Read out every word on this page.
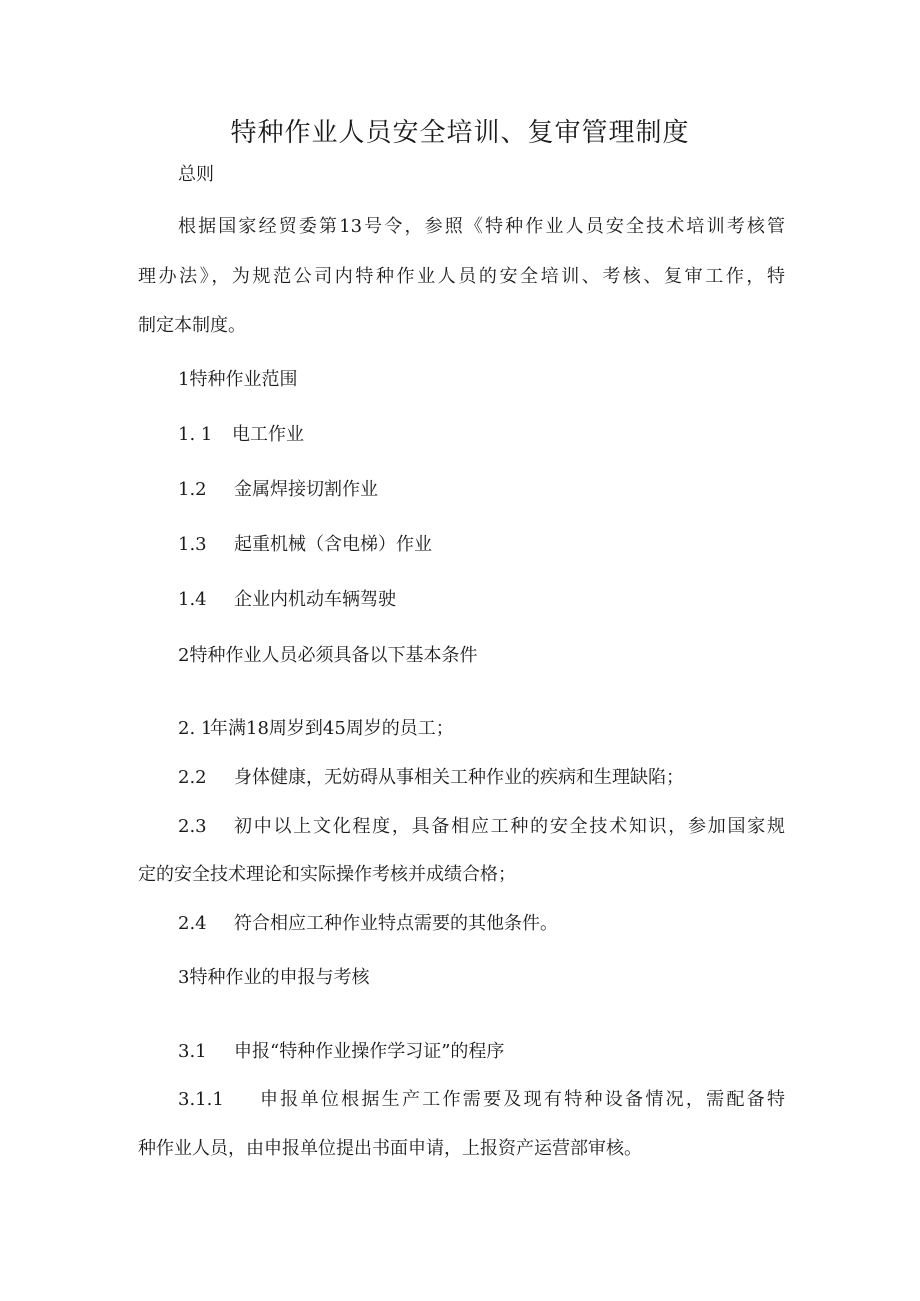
特种作业人员安全培训、复审管理制度
总则
根据国家经贸委第13号令，参照《特种作业人员安全技术培训考核管
理办法》，为规范公司内特种作业人员的安全培训、考核、复审工作，特
制定本制度。
1特种作业范围
1. 1 电工作业
1.2 金属焊接切割作业
1.3 起重机械（含电梯）作业
1.4 企业内机动车辆驾驶
2特种作业人员必须具备以下基本条件
2. 1年满18周岁到45周岁的员工；
2.2 身体健康，无妨碍从事相关工种作业的疾病和生理缺陷；
2.3 初中以上文化程度，具备相应工种的安全技术知识，参加国家规
定的安全技术理论和实际操作考核并成绩合格；
2.4 符合相应工种作业特点需要的其他条件。
3特种作业的申报与考核
3.1 申报“特种作业操作学习证”的程序
3.1.1 申报单位根据生产工作需要及现有特种设备情况，需配备特
种作业人员，由申报单位提出书面申请，上报资产运营部审核。
